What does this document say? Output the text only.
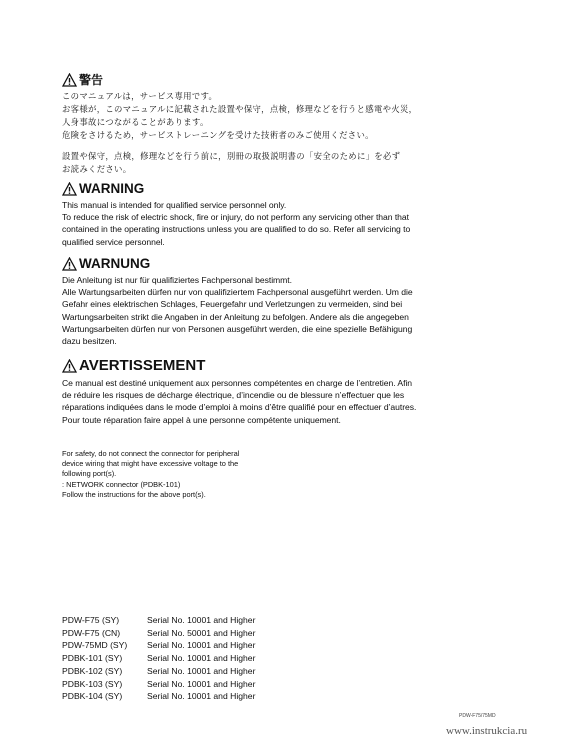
警告

このマニュアルは，サービス専用です。

お客様が，このマニュアルに記載された設置や保守，点検，修理などを行うと感電や火災，

人身事故につながることがあります。

危険をさけるため，サービストレーニングを受けた技術者のみご使用ください。

設置や保守，点検，修理などを行う前に，別冊の取扱説明書の「安全のために」を必ず

お読みください。

WARNING

This manual is intended for qualified service personnel only.

To reduce the risk of electric shock, fire or injury, do not perform any servicing other than that

contained in the operating instructions unless you are qualified to do so. Refer all servicing to

qualified service personnel.

WARNUNG

Die Anleitung ist nur für qualifiziertes Fachpersonal bestimmt.

Alle Wartungsarbeiten dürfen nur von qualifiziertem Fachpersonal ausgeführt werden. Um die

Gefahr eines elektrischen Schlages, Feuergefahr und Verletzungen zu vermeiden, sind bei

Wartungsarbeiten strikt die Angaben in der Anleitung zu befolgen. Andere als die angegeben

Wartungsarbeiten dürfen nur von Personen ausgeführt werden, die eine spezielle Befähigung

dazu besitzen.

AVERTISSEMENT

Ce manual est destiné uniquement aux personnes compétentes en charge de l’entretien. Afin

de réduire les risques de décharge électrique, d’incendie ou de blessure n’effectuer que les

réparations indiquées dans le mode d’emploi à moins d’être qualifié pour en effectuer d’autres.

Pour toute réparation faire appel à une personne compétente uniquement.

For safety, do not connect the connector for peripheral
device wiring that might have excessive voltage to the
following port(s).
: NETWORK connector (PDBK-101)
Follow the instructions for the above port(s).
PDW-F75 (SY)	Serial No. 10001 and Higher
PDW-F75 (CN)	Serial No. 50001 and Higher
PDW-75MD (SY)	Serial No. 10001 and Higher
PDBK-101 (SY)	Serial No. 10001 and Higher
PDBK-102 (SY)	Serial No. 10001 and Higher
PDBK-103 (SY)	Serial No. 10001 and Higher
PDBK-104 (SY)	Serial No. 10001 and Higher
PDW-F75/75MD
www.instrukcia.ru
